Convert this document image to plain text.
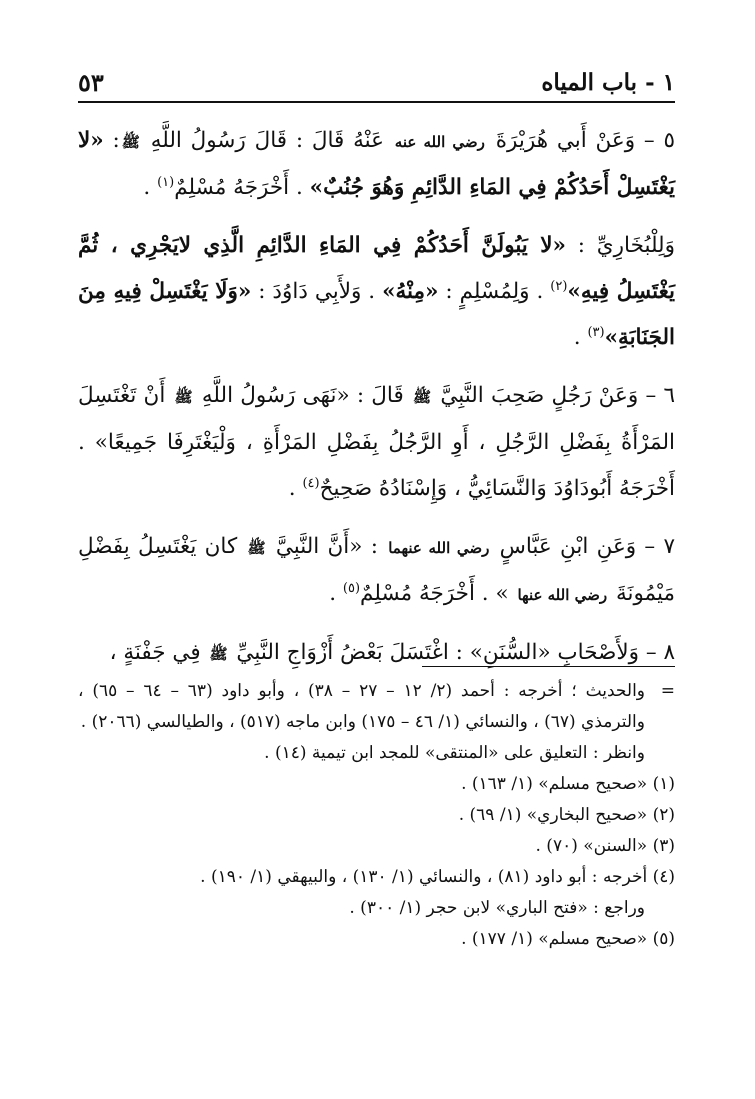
١ - باب المياه
٥٣

٥ – وَعَنْ أَبي هُرَيْرَةَ رضي الله عنه عَنْهُ قَالَ : قَالَ رَسُولُ اللَّهِ ﷺ: «لا يَغْتَسِلْ أَحَدُكُمْ فِي المَاءِ الدَّائِمِ وَهُوَ جُنُبٌ» . أَخْرَجَهُ مُسْلِمٌ$^{(١)}$ .

وَلِلْبُخَارِيِّ : «لا يَبُولَنَّ أَحَدُكُمْ فِي المَاءِ الدَّائِمِ الَّذِي لايَجْرِي ، ثُمَّ يَغْتَسِلُ فِيهِ»$^{(٢)}$ . وَلِمُسْلِمٍ : «مِنْهُ» . وَلأَبِي دَاوُدَ : «وَلَا يَغْتَسِلْ فِيهِ مِنَ الجَنَابَةِ»$^{(٣)}$ .

٦ – وَعَنْ رَجُلٍ صَحِبَ النَّبِيَّ ﷺ قَالَ : «نَهَى رَسُولُ اللَّهِ ﷺ أَنْ تَغْتَسِلَ المَرْأَةُ بِفَضْلِ الرَّجُلِ ، أَوِ الرَّجُلُ بِفَضْلِ المَرْأَةِ ، وَلْيَغْتَرِفَا جَمِيعًا» . أَخْرَجَهُ أَبُودَاوُدَ وَالنَّسَائِيُّ ، وَإِسْنَادُهُ صَحِيحٌ$^{(٤)}$ .

٧ – وَعَنِ ابْنِ عَبَّاسٍ رضي الله عنهما : «أَنَّ النَّبِيَّ ﷺ كان يَغْتَسِلُ بِفَضْلِ مَيْمُونَةَ رضي الله عنها » . أَخْرَجَهُ مُسْلِمٌ$^{(٥)}$ .

٨ – وَلأَصْحَابِ «السُّنَنِ» : اغْتَسَلَ بَعْضُ أَزْوَاجِ النَّبِيِّ ﷺ فِي جَفْنَةٍ ،

=
والحديث ؛ أخرجه : أحمد (٢/ ١٢ – ٢٧ – ٣٨) ، وأبو داود (٦٣ – ٦٤ – ٦٥) ، والترمذي (٦٧) ، والنسائي (١/ ٤٦ – ١٧٥) وابن ماجه (٥١٧) ، والطيالسي (٢٠٦٦) .

وانظر : التعليق على «المنتقى» للمجد ابن تيمية (١٤) .

(١) «صحيح مسلم» (١/ ١٦٣) .

(٢) «صحيح البخاري» (١/ ٦٩) .

(٣) «السنن» (٧٠) .

(٤) أخرجه : أبو داود (٨١) ، والنسائي (١/ ١٣٠) ، والبيهقي (١/ ١٩٠) .

وراجع : «فتح الباري» لابن حجر (١/ ٣٠٠) .

(٥) «صحيح مسلم» (١/ ١٧٧) .
